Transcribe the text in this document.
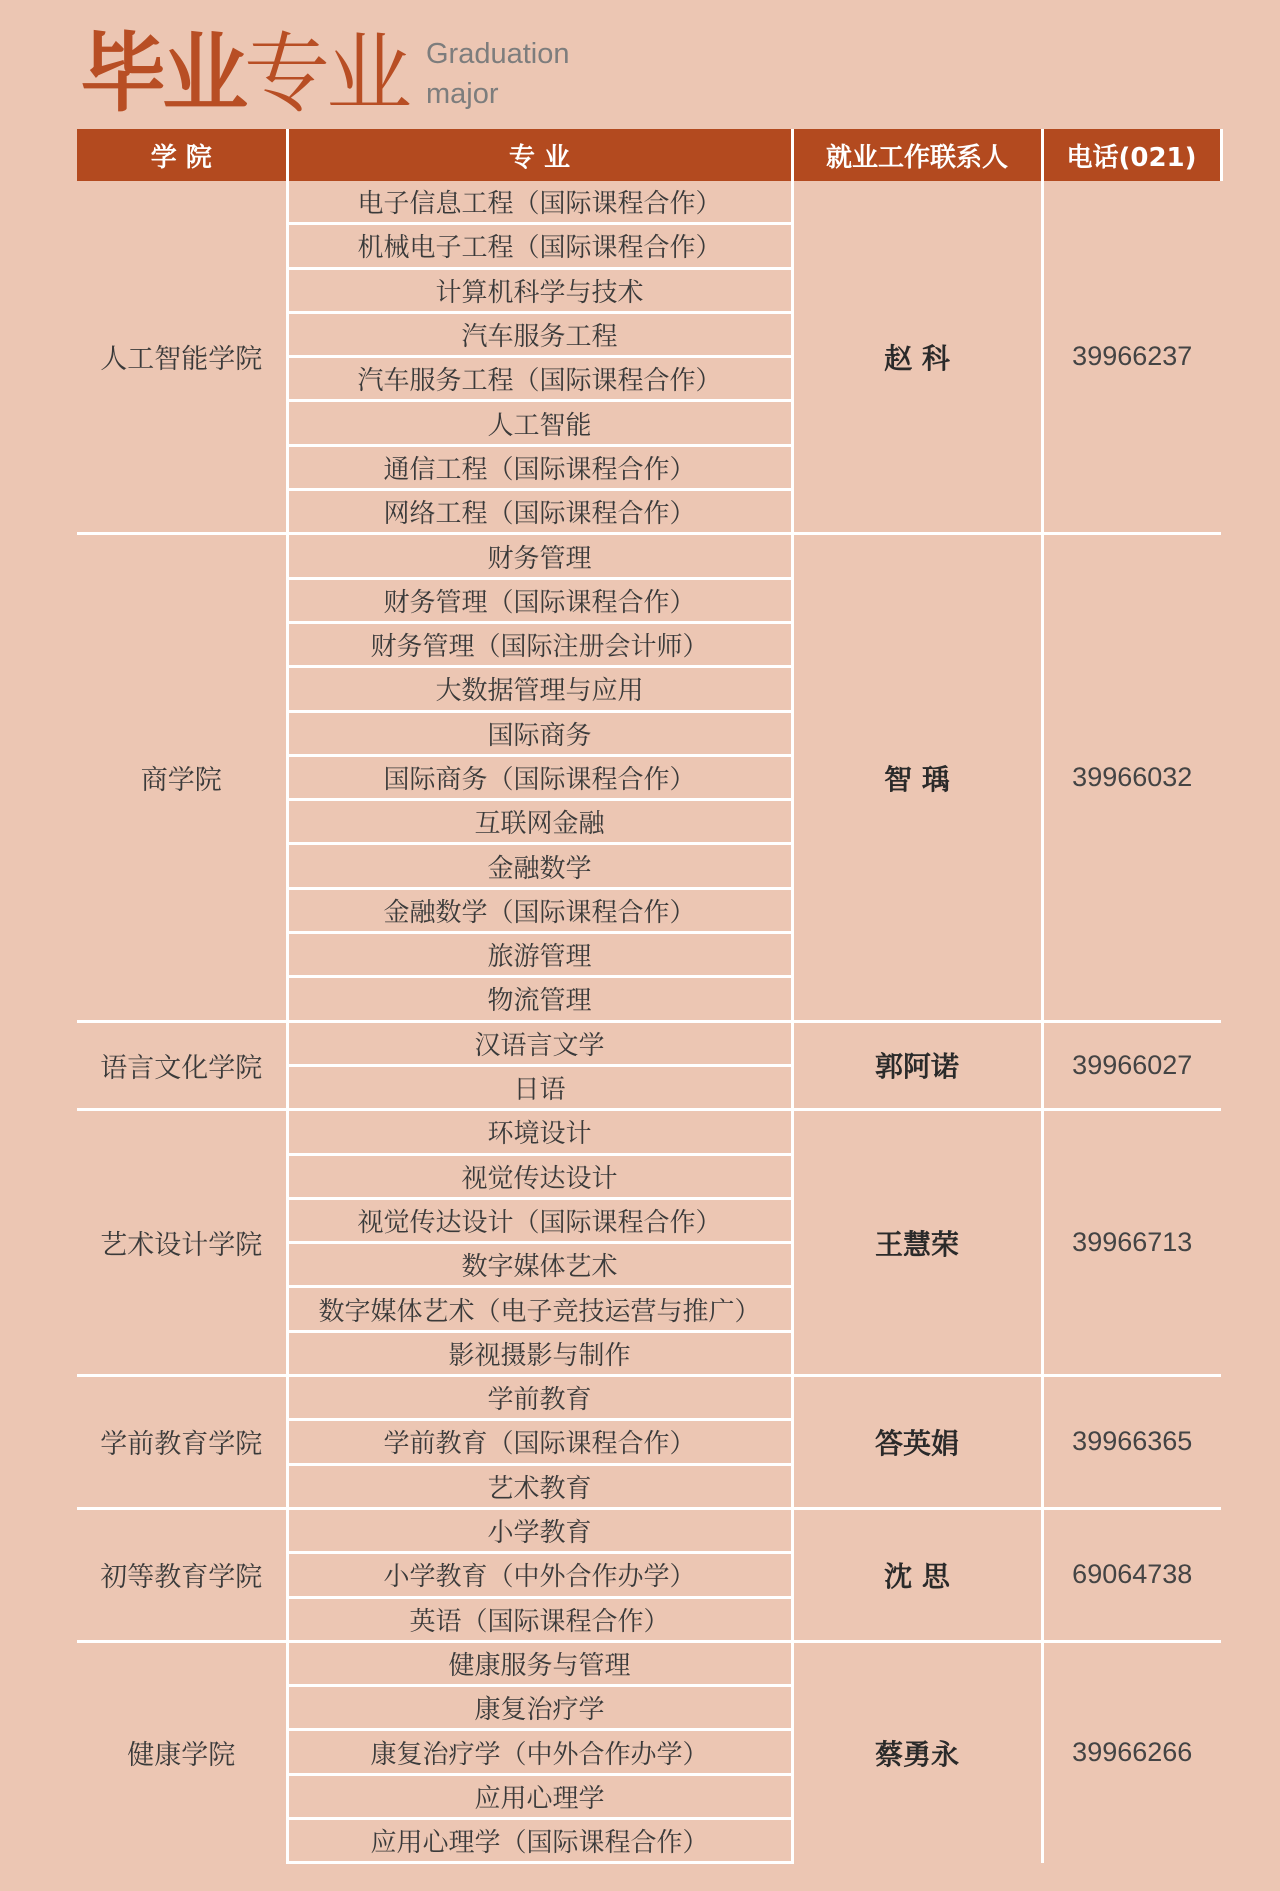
毕业专业 Graduation
major
学 院	专 业	就业工作联系人	电话(021)
人工智能学院	电子信息工程（国际课程合作）	赵 科	39966237
	机械电子工程（国际课程合作）		
	计算机科学与技术		
	汽车服务工程		
	汽车服务工程（国际课程合作）		
	人工智能		
	通信工程（国际课程合作）		
	网络工程（国际课程合作）		
商学院	财务管理	智 瑀	39966032
	财务管理（国际课程合作）		
	财务管理（国际注册会计师）		
	大数据管理与应用		
	国际商务		
	国际商务（国际课程合作）		
	互联网金融		
	金融数学		
	金融数学（国际课程合作）		
	旅游管理		
	物流管理		
语言文化学院	汉语言文学	郭阿诺	39966027
	日语		
艺术设计学院	环境设计	王慧荣	39966713
	视觉传达设计		
	视觉传达设计（国际课程合作）		
	数字媒体艺术		
	数字媒体艺术（电子竞技运营与推广）		
	影视摄影与制作		
学前教育学院	学前教育	答英娟	39966365
	学前教育（国际课程合作）		
	艺术教育		
初等教育学院	小学教育	沈 思	69064738
	小学教育（中外合作办学）		
	英语（国际课程合作）		
健康学院	健康服务与管理	蔡勇永	39966266
	康复治疗学		
	康复治疗学（中外合作办学）		
	应用心理学		
	应用心理学（国际课程合作）		
